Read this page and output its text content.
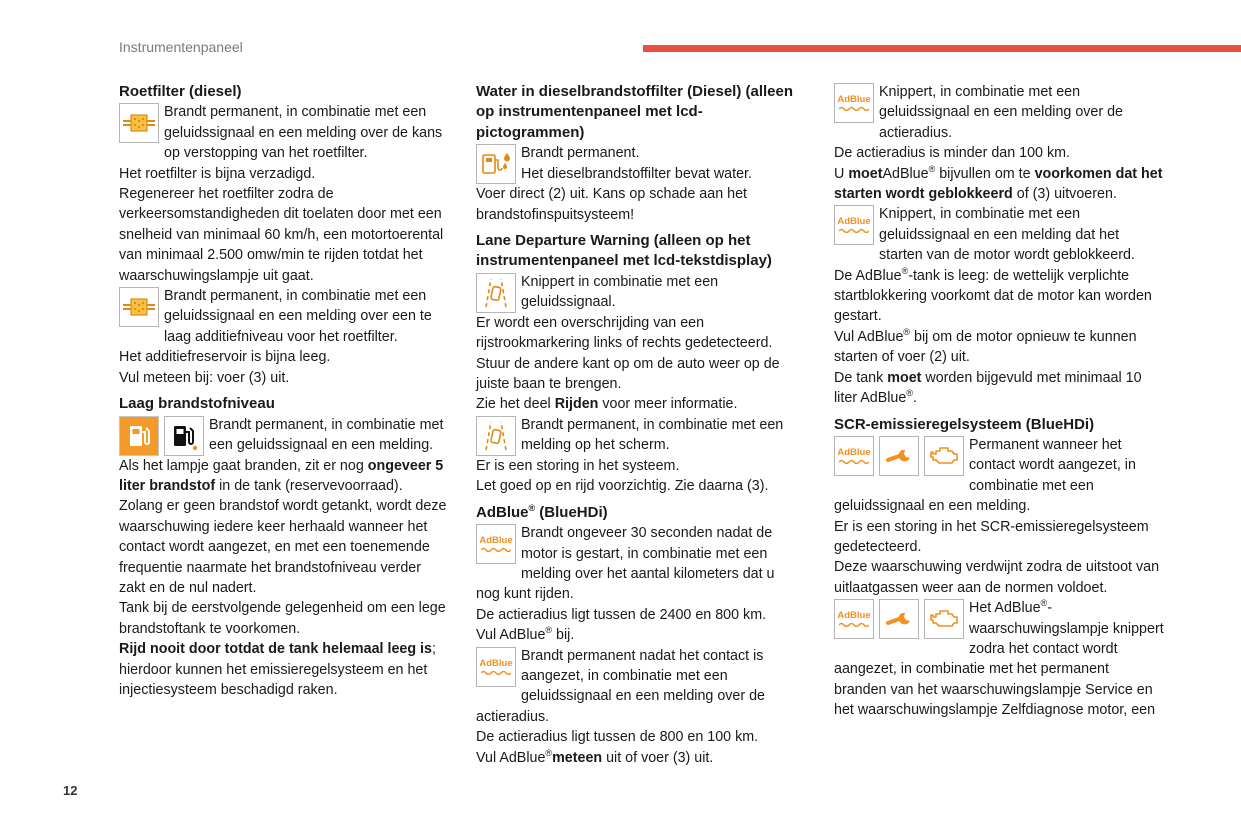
Instrumentenpaneel
Roetfilter (diesel)

Brandt permanent, in combinatie met een geluidssignaal en een melding over de kans op verstopping van het roetfilter.

Het roetfilter is bijna verzadigd.

Regenereer het roetfilter zodra de verkeersomstandigheden dit toelaten door met een snelheid van minimaal 60 km/h, een motortoerental van minimaal 2.500 omw/min te rijden totdat het waarschuwingslampje uit gaat.

Brandt permanent, in combinatie met een geluidssignaal en een melding over een te laag additiefniveau voor het roetfilter.

Het additiefreservoir is bijna leeg.

Vul meteen bij: voer (3) uit.

Laag brandstofniveau

Brandt permanent, in combinatie met een geluidssignaal en een melding.

Als het lampje gaat branden, zit er nog ongeveer 5 liter brandstof in de tank (reservevoorraad).

Zolang er geen brandstof wordt getankt, wordt deze waarschuwing iedere keer herhaald wanneer het contact wordt aangezet, en met een toenemende frequentie naarmate het brandstofniveau verder zakt en de nul nadert.

Tank bij de eerstvolgende gelegenheid om een lege brandstoftank te voorkomen.

Rijd nooit door totdat de tank helemaal leeg is; hierdoor kunnen het emissieregelsysteem en het injectiesysteem beschadigd raken.

Water in dieselbrandstoffilter (Diesel) (alleen op instrumentenpaneel met lcd-pictogrammen)

Brandt permanent.

Het dieselbrandstoffilter bevat water.

Voer direct (2) uit. Kans op schade aan het brandstofinspuitsysteem!

Lane Departure Warning (alleen op het instrumentenpaneel met lcd-tekstdisplay)

Knippert in combinatie met een geluidssignaal.

Er wordt een overschrijding van een rijstrookmarkering links of rechts gedetecteerd.

Stuur de andere kant op om de auto weer op de juiste baan te brengen.

Zie het deel Rijden voor meer informatie.

Brandt permanent, in combinatie met een melding op het scherm.

Er is een storing in het systeem.

Let goed op en rijd voorzichtig. Zie daarna (3).

AdBlue® (BlueHDi)
AdBlue Brandt ongeveer 30 seconden nadat de motor is gestart, in combinatie met een melding over het aantal kilometers dat u nog kunt rijden.

De actieradius ligt tussen de 2400 en 800 km.

Vul AdBlue® bij.

AdBlue Brandt permanent nadat het contact is aangezet, in combinatie met een geluidssignaal en een melding over de actieradius.

De actieradius ligt tussen de 800 en 100 km.

Vul AdBlue®meteen uit of voer (3) uit.

AdBlue Knippert, in combinatie met een geluidssignaal en een melding over de actieradius.

De actieradius is minder dan 100 km.

U moetAdBlue® bijvullen om te voorkomen dat het starten wordt geblokkeerd of (3) uitvoeren.

AdBlue Knippert, in combinatie met een geluidssignaal en een melding dat het starten van de motor wordt geblokkeerd.

De AdBlue®-tank is leeg: de wettelijk verplichte startblokkering voorkomt dat de motor kan worden gestart.

Vul AdBlue® bij om de motor opnieuw te kunnen starten of voer (2) uit.

De tank moet worden bijgevuld met minimaal 10 liter AdBlue®.

SCR-emissieregelsysteem (BlueHDi)
AdBlue	Permanent wanneer het contact wordt aangezet, in combinatie met een geluidssignaal en een melding.

Er is een storing in het SCR-emissieregelsysteem gedetecteerd.

Deze waarschuwing verdwijnt zodra de uitstoot van uitlaatgassen weer aan de normen voldoet.

AdBlue	Het AdBlue®-waarschuwingslampje knippert zodra het contact wordt aangezet, in combinatie met het permanent branden van het waarschuwingslampje Service en het waarschuwingslampje Zelfdiagnose motor, een

12
